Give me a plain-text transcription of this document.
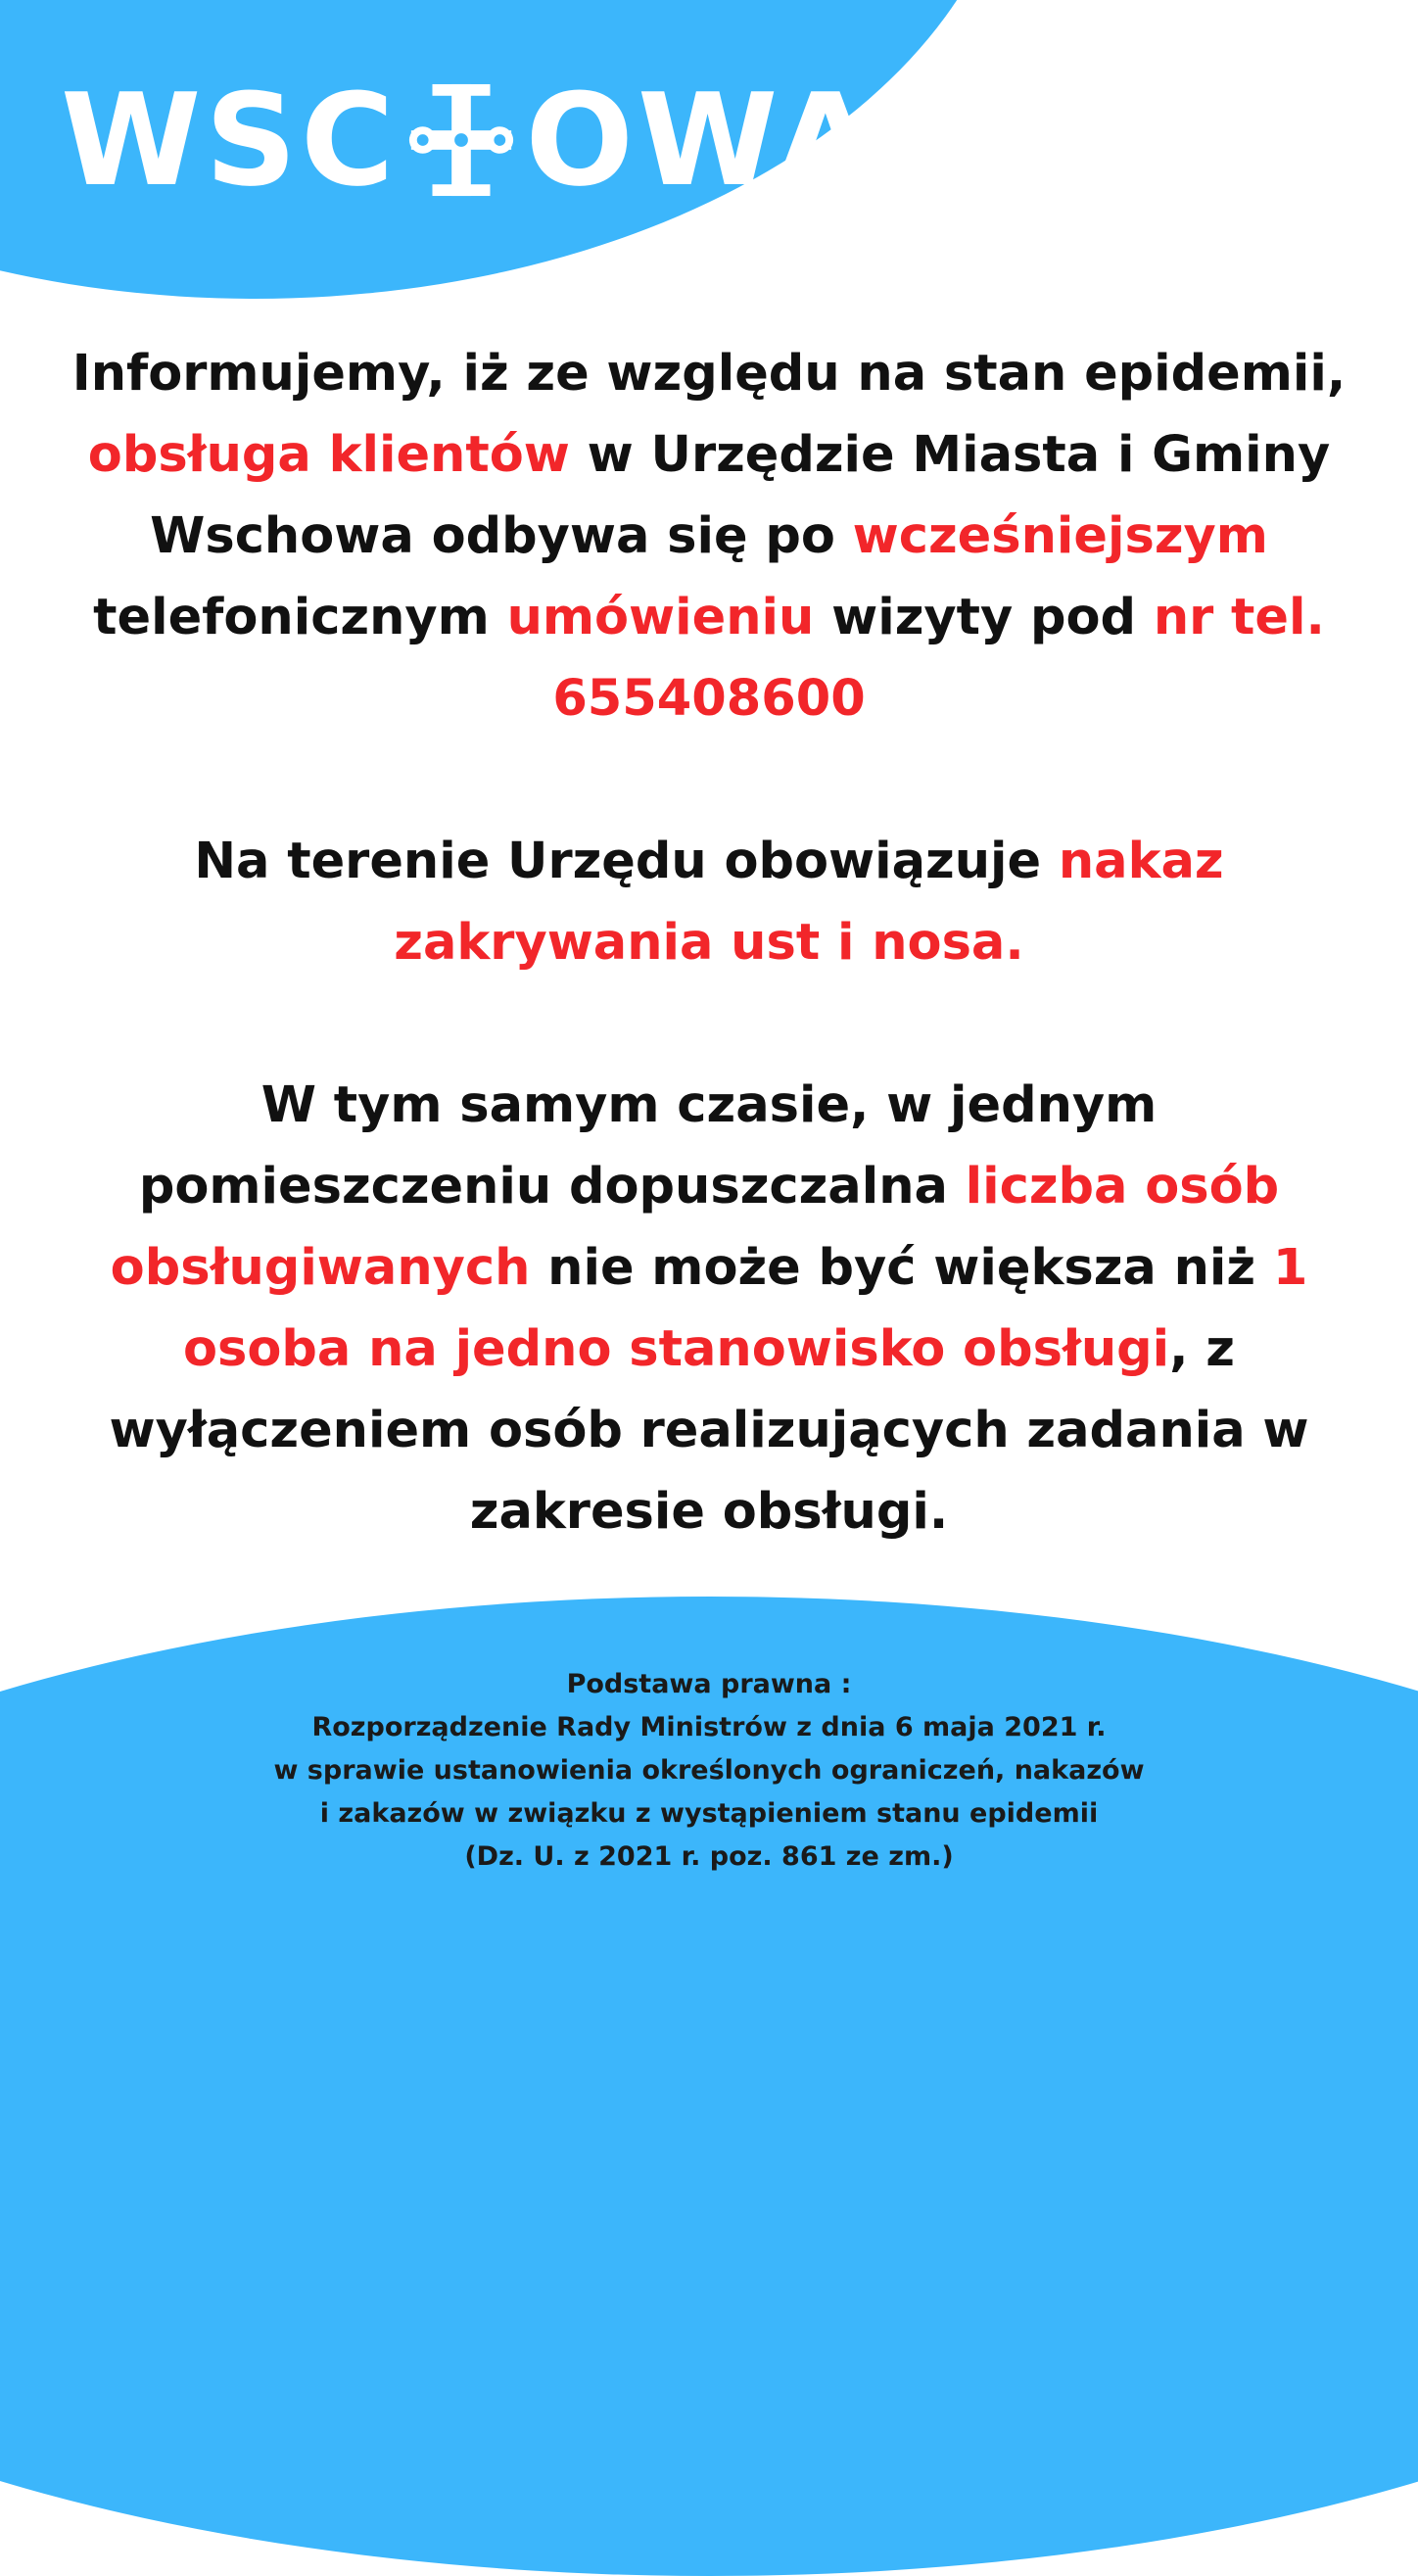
WSC OWA

Informujemy, iż ze względu na stan epidemii, obsługa klientów w Urzędzie Miasta i Gminy Wschowa odbywa się po wcześniejszym telefonicznym umówieniu wizyty pod nr tel. 655408600

Na terenie Urzędu obowiązuje nakaz zakrywania ust i nosa.

W tym samym czasie, w jednym pomieszczeniu dopuszczalna liczba osób obsługiwanych nie może być większa niż 1 osoba na jedno stanowisko obsługi, z wyłączeniem osób realizujących zadania w zakresie obsługi.

Podstawa prawna :
Rozporządzenie Rady Ministrów z dnia 6 maja 2021 r.
w sprawie ustanowienia określonych ograniczeń, nakazów
i zakazów w związku z wystąpieniem stanu epidemii
(Dz. U. z 2021 r. poz. 861 ze zm.)
